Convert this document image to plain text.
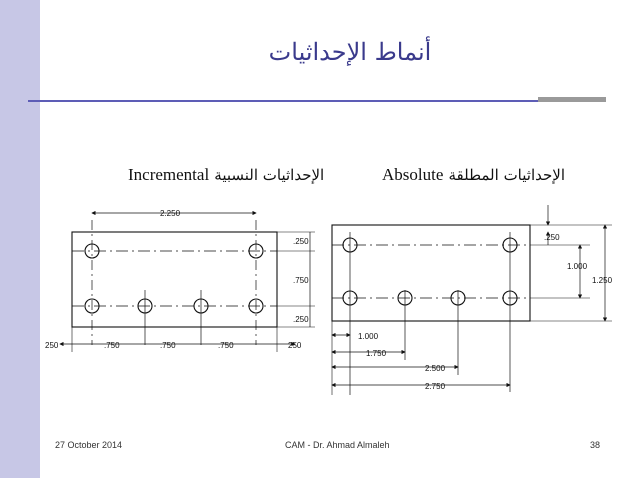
أنماط الإحداثيات
Absolute الإحداثيات المطلقة
Incremental الإحداثيات النسبية
2.250
.250
.750
.250
250	.750	.750	.750	250
.250
1.000
1.250
1.000
1.750
2.500
2.750
27 October 2014	CAM - Dr. Ahmad Almaleh	38
